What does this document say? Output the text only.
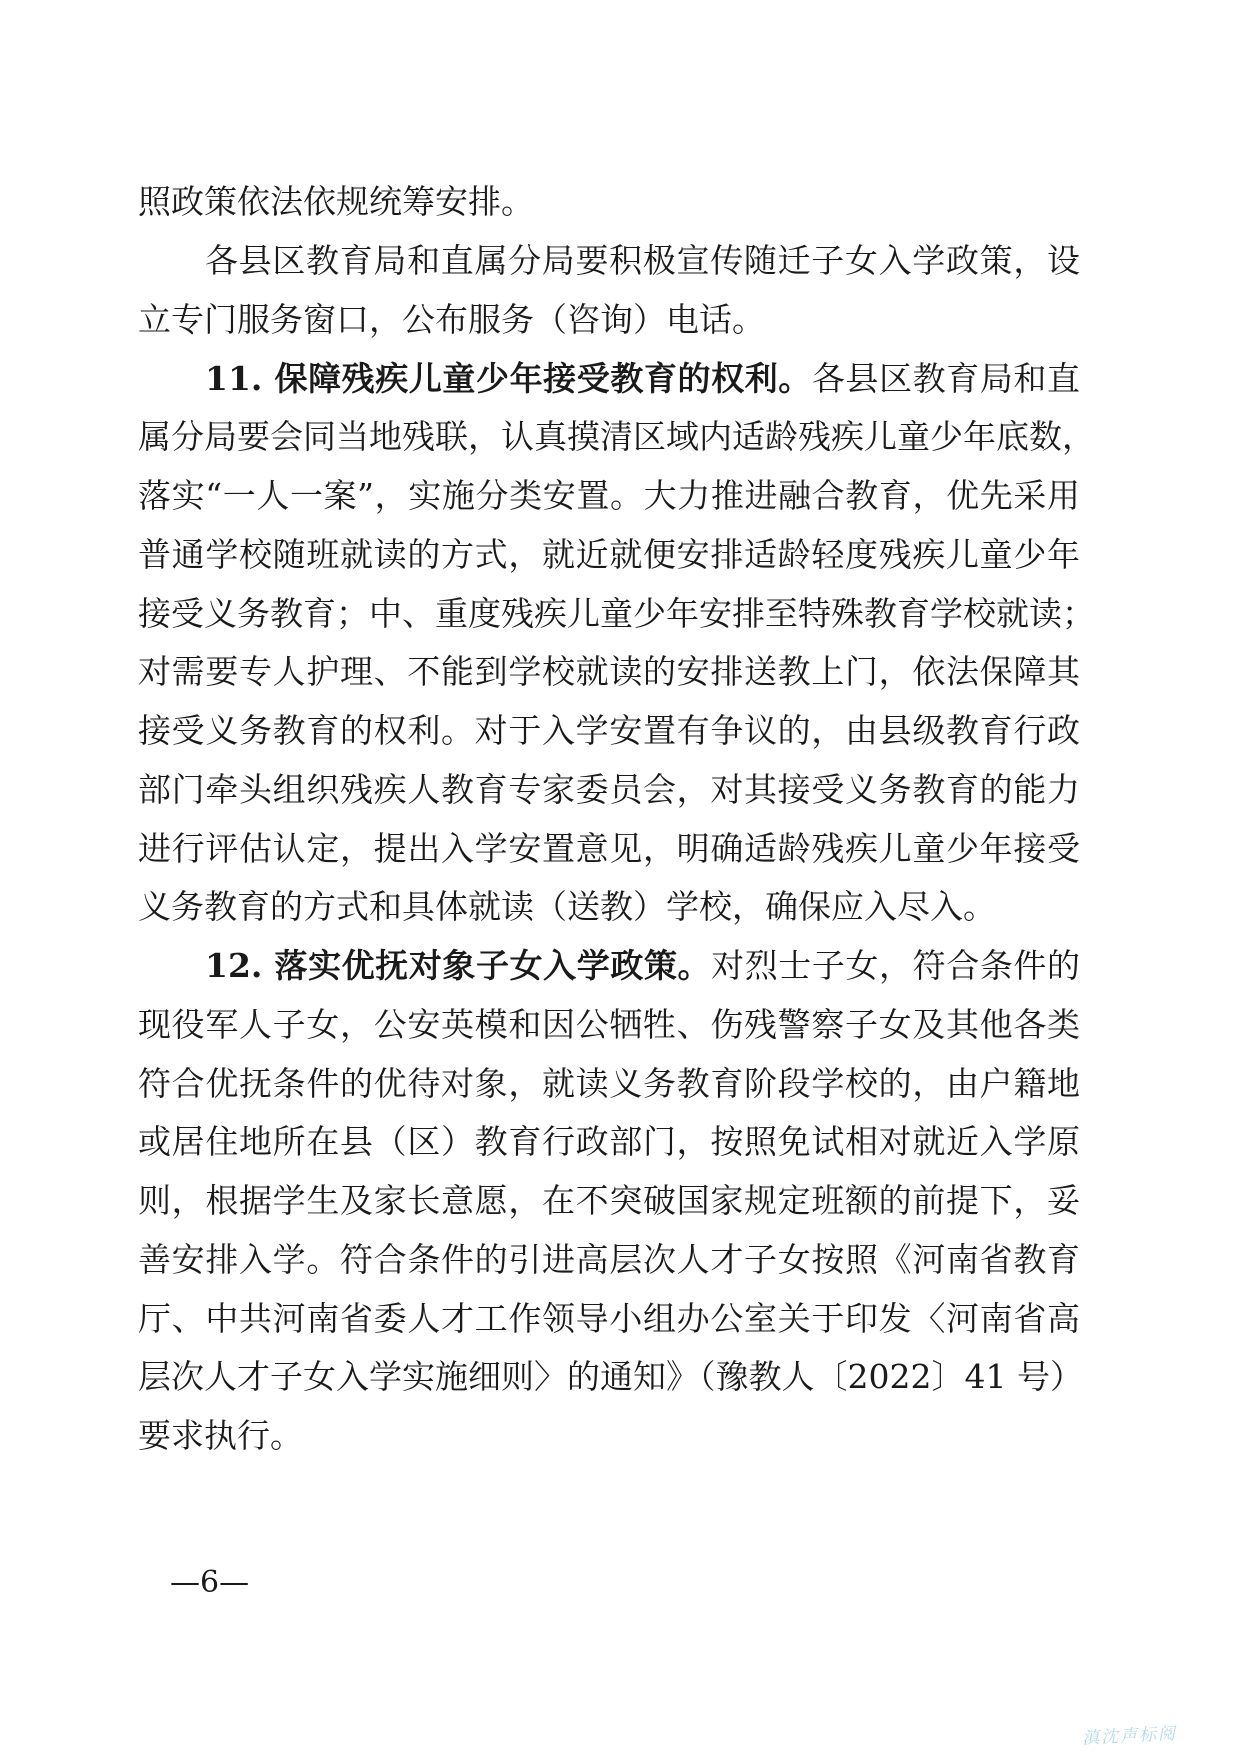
照政策依法依规统筹安排。
各县区教育局和直属分局要积极宣传随迁子女入学政策，设
立专门服务窗口，公布服务（咨询）电话。
11. 保障残疾儿童少年接受教育的权利。各县区教育局和直
属分局要会同当地残联，认真摸清区域内适龄残疾儿童少年底数，
落实“一人一案”，实施分类安置。大力推进融合教育，优先采用
普通学校随班就读的方式，就近就便安排适龄轻度残疾儿童少年
接受义务教育；中、重度残疾儿童少年安排至特殊教育学校就读；
对需要专人护理、不能到学校就读的安排送教上门，依法保障其
接受义务教育的权利。对于入学安置有争议的，由县级教育行政
部门牵头组织残疾人教育专家委员会，对其接受义务教育的能力
进行评估认定，提出入学安置意见，明确适龄残疾儿童少年接受
义务教育的方式和具体就读（送教）学校，确保应入尽入。
12. 落实优抚对象子女入学政策。对烈士子女，符合条件的
现役军人子女，公安英模和因公牺牲、伤残警察子女及其他各类
符合优抚条件的优待对象，就读义务教育阶段学校的，由户籍地
或居住地所在县（区）教育行政部门，按照免试相对就近入学原
则，根据学生及家长意愿，在不突破国家规定班额的前提下，妥
善安排入学。符合条件的引进高层次人才子女按照《河南省教育
厅、中共河南省委人才工作领导小组办公室关于印发〈河南省高
层次人才子女入学实施细则〉的通知》（豫教人〔2022〕41 号）
要求执行。
—6—
滇沈声标阅
